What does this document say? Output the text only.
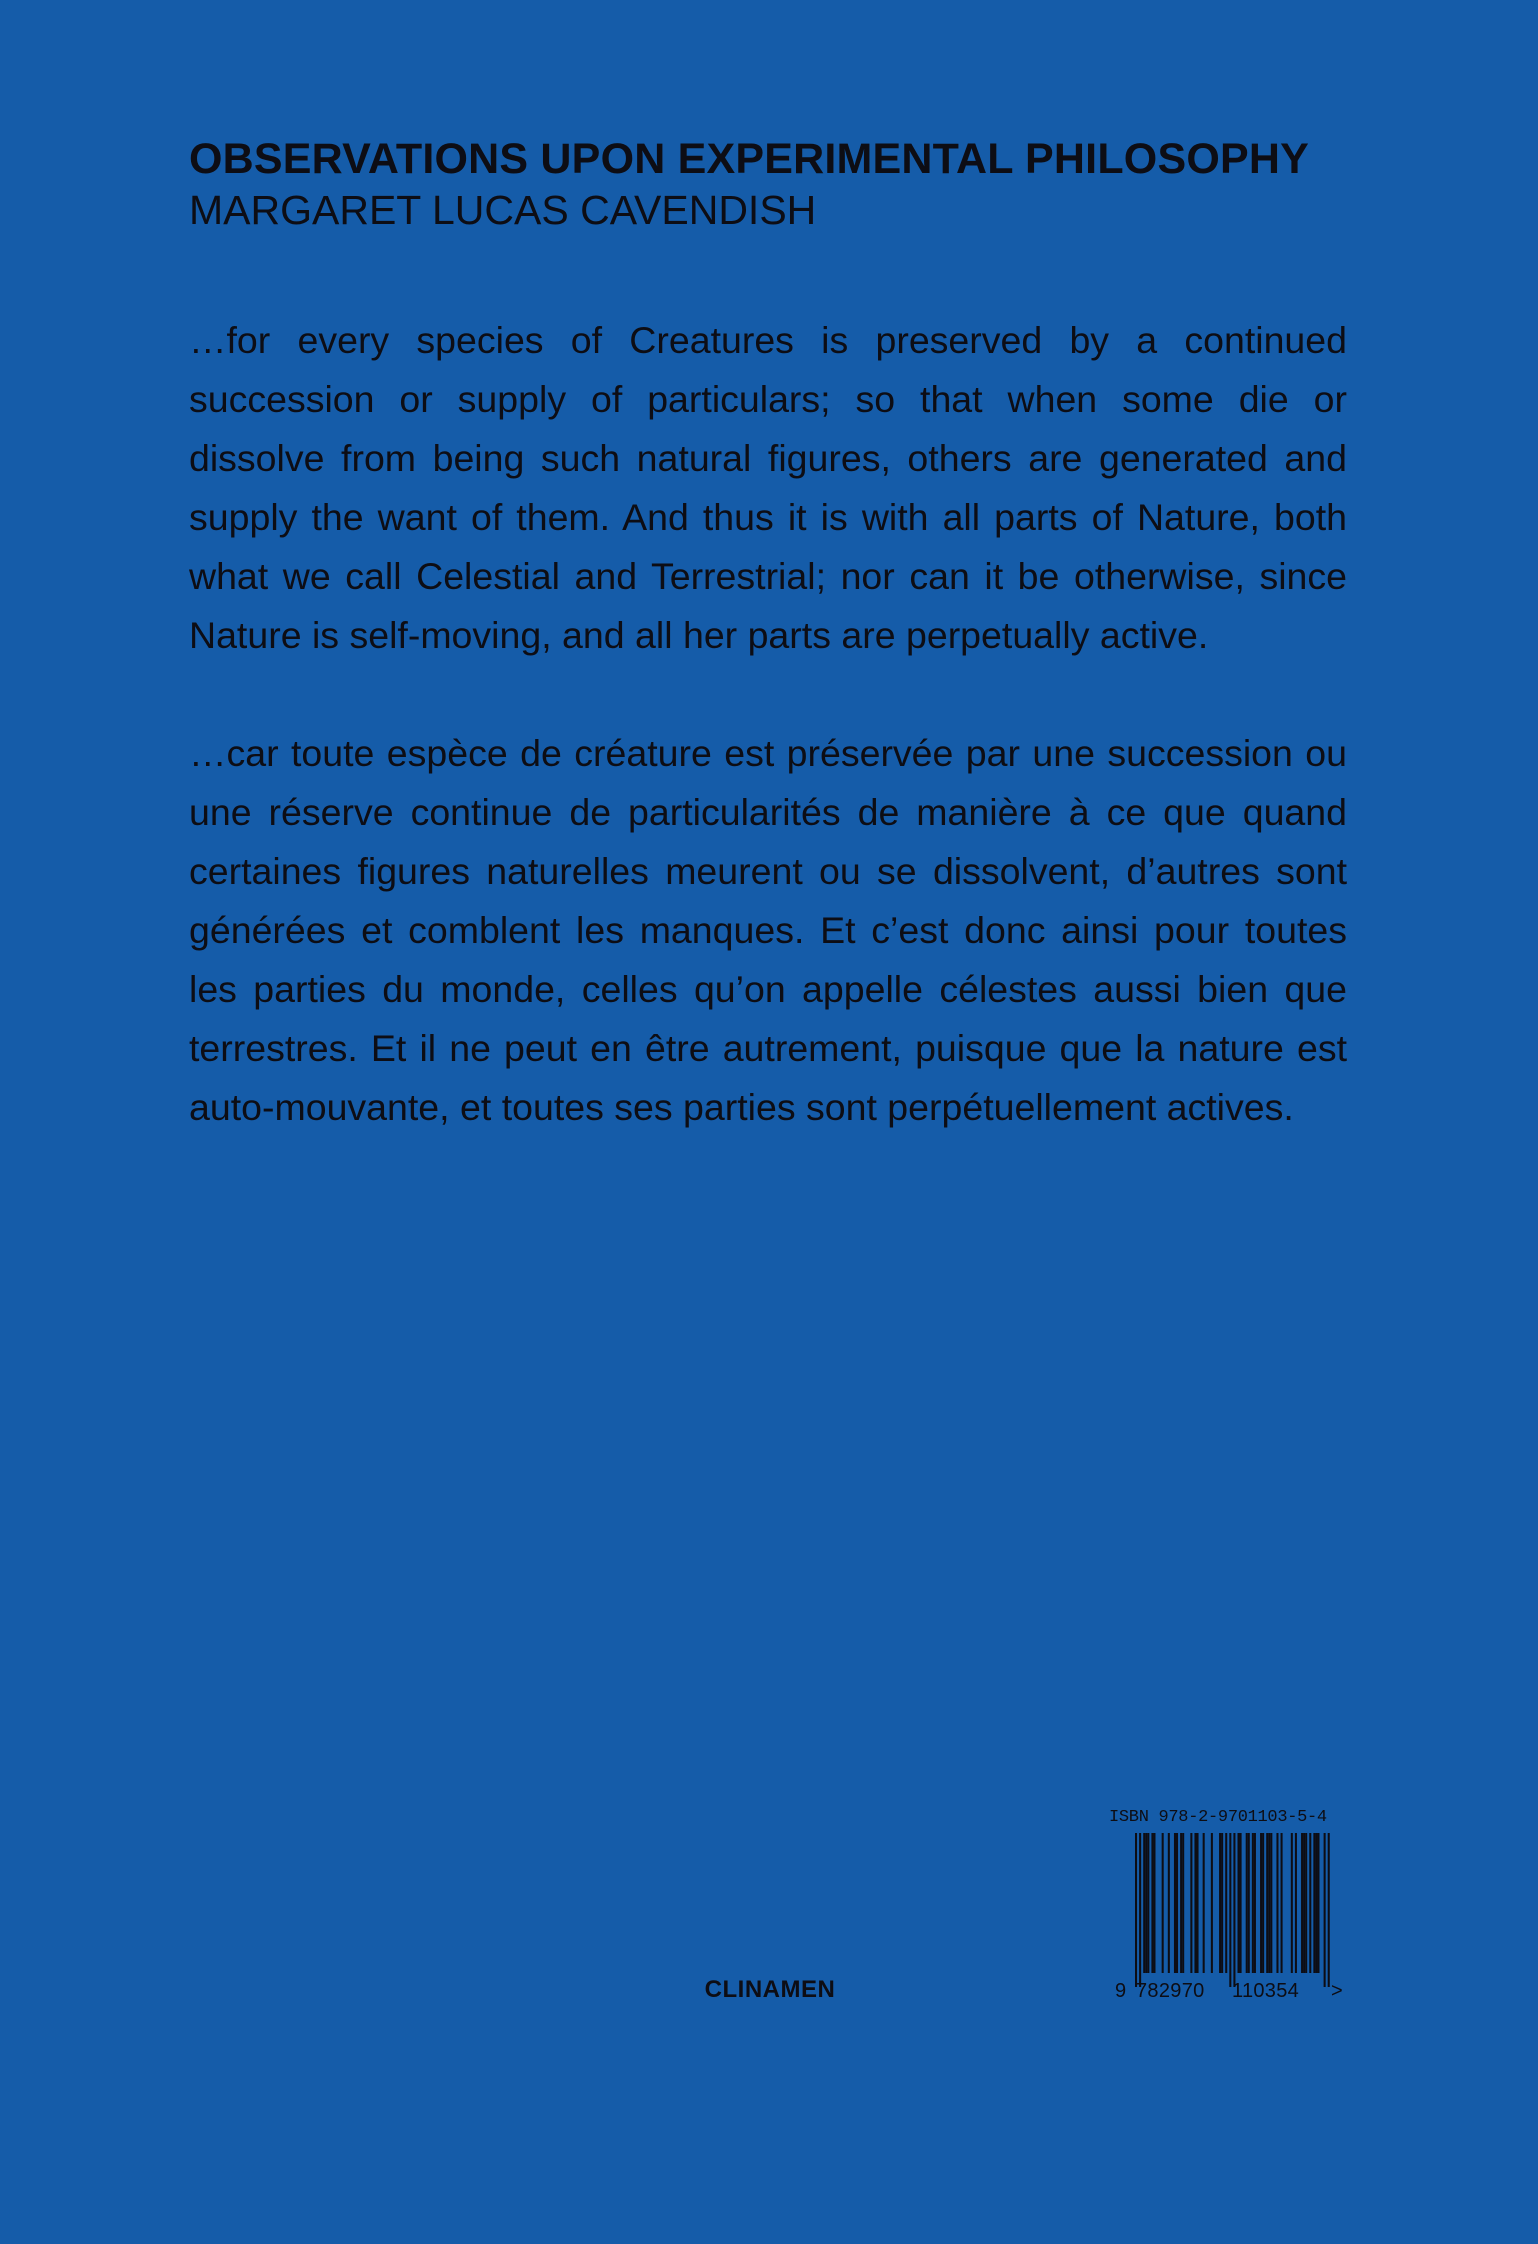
OBSERVATIONS UPON EXPERIMENTAL PHILOSOPHY

MARGARET LUCAS CAVENDISH

…for every species of Creatures is preserved by a continued succession or supply of particulars; so that when some die or dissolve from being such natural figures, others are generated and supply the want of them. And thus it is with all parts of Nature, both what we call Celestial and Terrestrial; nor can it be otherwise, since Nature is self-moving, and all her parts are perpetually active.

…car toute espèce de créature est préservée par une succession ou une réserve continue de particularités de manière à ce que quand certaines figures naturelles meurent ou se dissolvent, d’autres sont générées et comblent les manques. Et c’est donc ainsi pour toutes les parties du monde, celles qu’on appelle célestes aussi bien que terrestres. Et il ne peut en être autrement, puisque que la nature est auto-mouvante, et toutes ses parties sont perpétuellement actives.

CLINAMEN
ISBN 978-2-9701103-5-4
9 782970 110354 >
